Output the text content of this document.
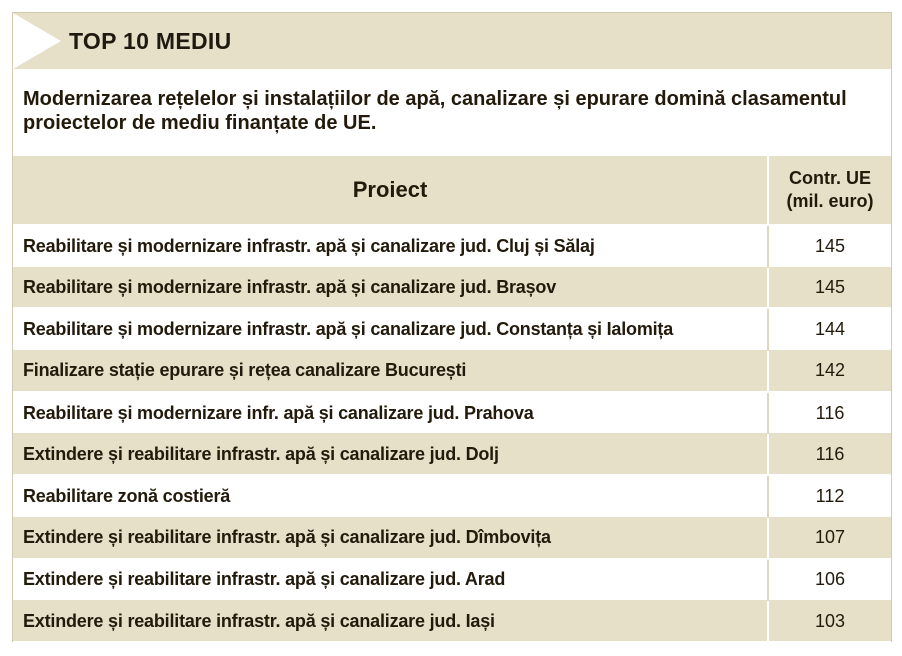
TOP 10 MEDIU
Modernizarea rețelelor și instalațiilor de apă, canalizare și epurare domină clasamentul proiectelor de mediu finanțate de UE.
Proiect	Contr. UE
(mil. euro)
Reabilitare și modernizare infrastr. apă și canalizare jud. Cluj și Sălaj	145
Reabilitare și modernizare infrastr. apă și canalizare jud. Brașov	145
Reabilitare și modernizare infrastr. apă și canalizare jud. Constanța și Ialomița	144
Finalizare stație epurare și rețea canalizare București	142
Reabilitare și modernizare infr. apă și canalizare jud. Prahova	116
Extindere și reabilitare infrastr. apă și canalizare jud. Dolj	116
Reabilitare zonă costieră	112
Extindere și reabilitare infrastr. apă și canalizare jud. Dîmbovița	107
Extindere și reabilitare infrastr. apă și canalizare jud. Arad	106
Extindere și reabilitare infrastr. apă și canalizare jud. Iași	103
